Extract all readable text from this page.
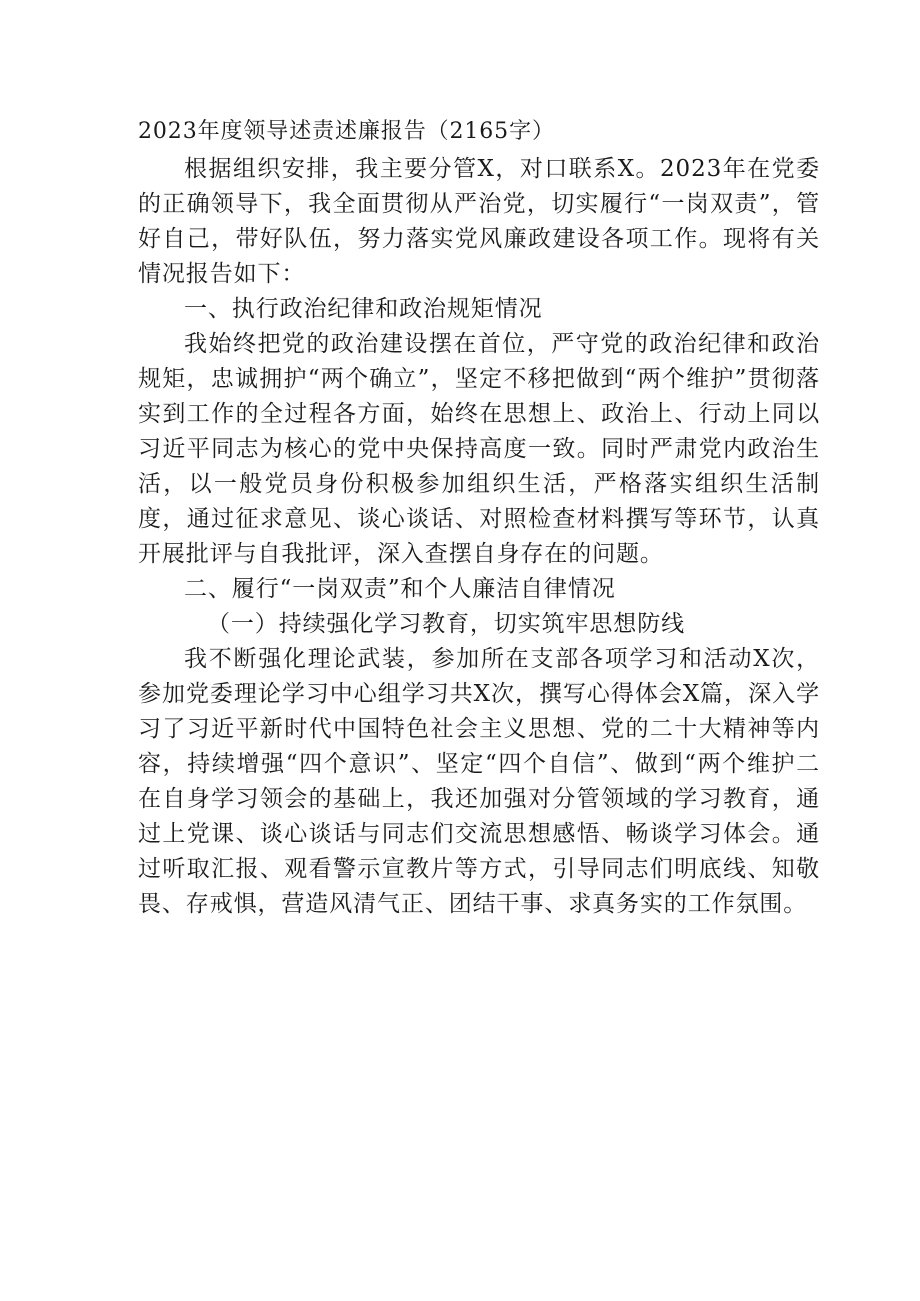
2023年度领导述责述廉报告（2165字）

根据组织安排，我主要分管X，对口联系X。2023年在党委的正确领导下，我全面贯彻从严治党，切实履行“一岗双责”，管好自己，带好队伍，努力落实党风廉政建设各项工作。现将有关情况报告如下：

一、执行政治纪律和政治规矩情况

我始终把党的政治建设摆在首位，严守党的政治纪律和政治规矩，忠诚拥护“两个确立”，坚定不移把做到“两个维护”贯彻落实到工作的全过程各方面，始终在思想上、政治上、行动上同以习近平同志为核心的党中央保持高度一致。同时严肃党内政治生活，以一般党员身份积极参加组织生活，严格落实组织生活制度，通过征求意见、谈心谈话、对照检查材料撰写等环节，认真开展批评与自我批评，深入查摆自身存在的问题。

二、履行“一岗双责”和个人廉洁自律情况

（一）持续强化学习教育，切实筑牢思想防线

我不断强化理论武装，参加所在支部各项学习和活动X次，参加党委理论学习中心组学习共X次，撰写心得体会X篇，深入学习了习近平新时代中国特色社会主义思想、党的二十大精神等内容，持续增强“四个意识”、坚定“四个自信”、做到“两个维护二在自身学习领会的基础上，我还加强对分管领域的学习教育，通过上党课、谈心谈话与同志们交流思想感悟、畅谈学习体会。通过听取汇报、观看警示宣教片等方式，引导同志们明底线、知敬畏、存戒惧，营造风清气正、团结干事、求真务实的工作氛围。
